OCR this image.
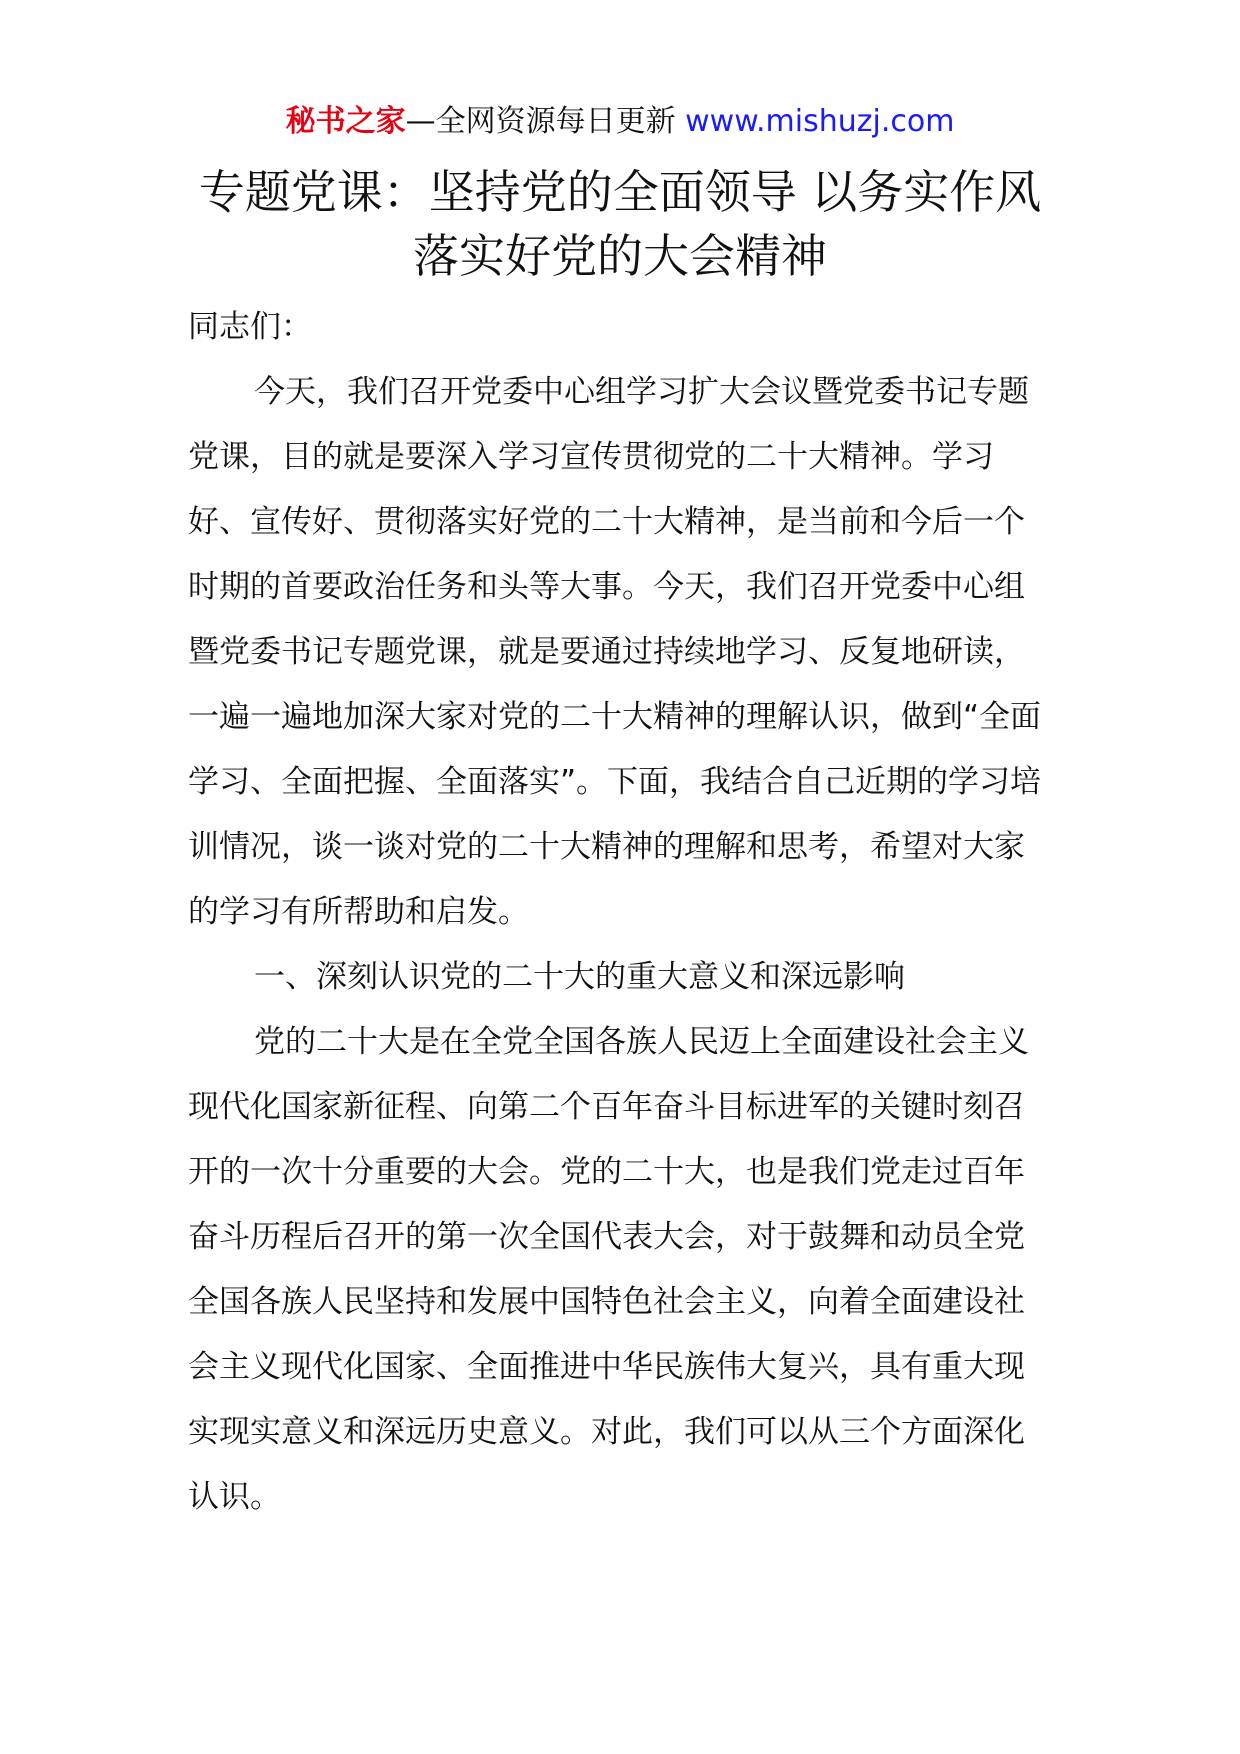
秘书之家—全网资源每日更新 www.mishuzj.com
专题党课：坚持党的全面领导 以务实作风
落实好党的大会精神

同志们：

今天，我们召开党委中心组学习扩大会议暨党委书记专题党课，目的就是要深入学习宣传贯彻党的二十大精神。学习好、宣传好、贯彻落实好党的二十大精神，是当前和今后一个时期的首要政治任务和头等大事。今天，我们召开党委中心组暨党委书记专题党课，就是要通过持续地学习、反复地研读，一遍一遍地加深大家对党的二十大精神的理解认识，做到“全面学习、全面把握、全面落实”。下面，我结合自己近期的学习培训情况，谈一谈对党的二十大精神的理解和思考，希望对大家的学习有所帮助和启发。

一、深刻认识党的二十大的重大意义和深远影响

党的二十大是在全党全国各族人民迈上全面建设社会主义现代化国家新征程、向第二个百年奋斗目标进军的关键时刻召开的一次十分重要的大会。党的二十大，也是我们党走过百年奋斗历程后召开的第一次全国代表大会，对于鼓舞和动员全党全国各族人民坚持和发展中国特色社会主义，向着全面建设社会主义现代化国家、全面推进中华民族伟大复兴，具有重大现实现实意义和深远历史意义。对此，我们可以从三个方面深化认识。
